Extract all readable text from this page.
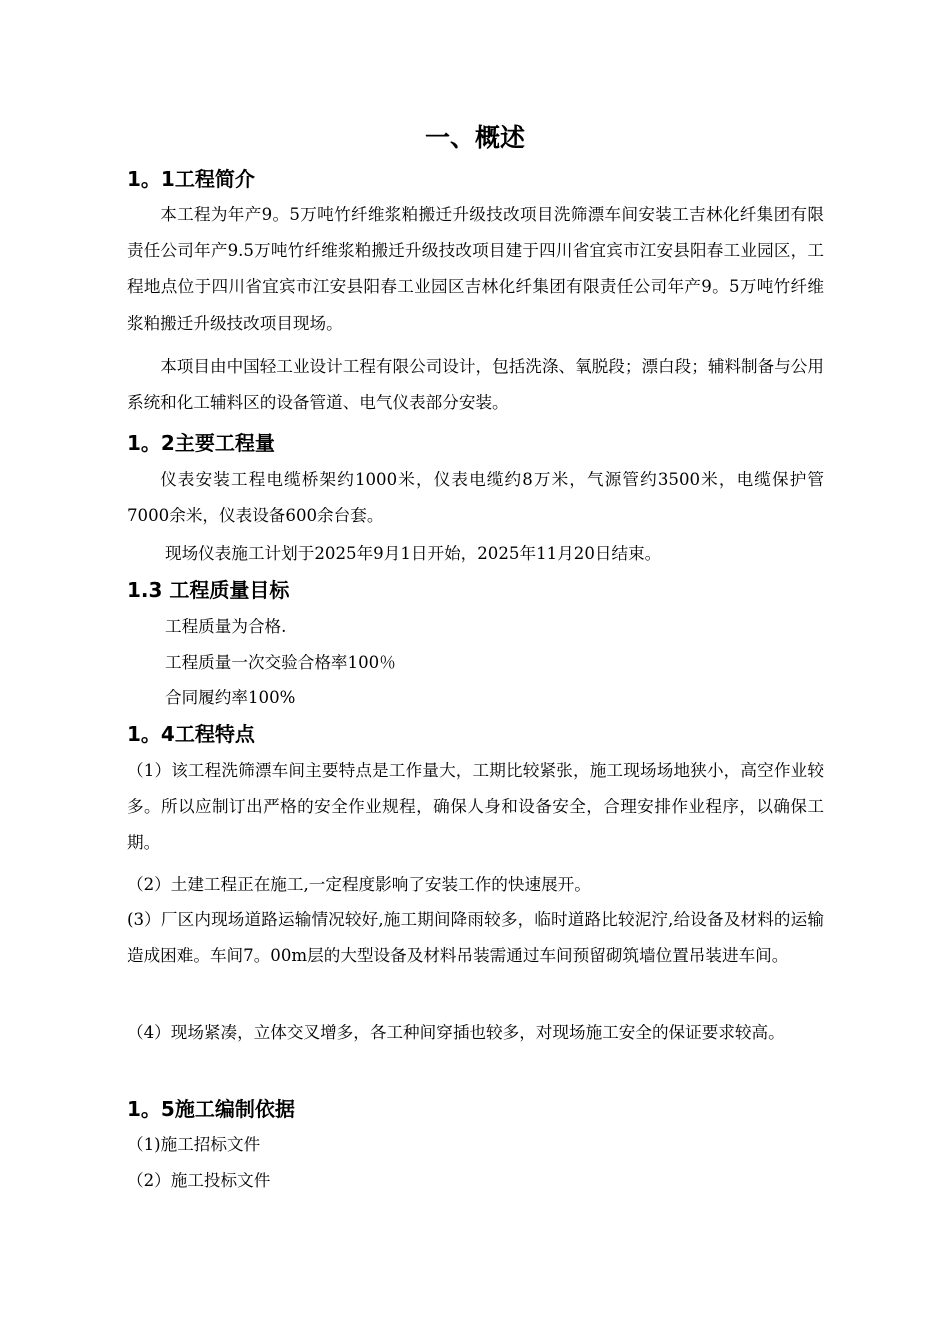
一、概述
1。1工程简介

本工程为年产9。5万吨竹纤维浆粕搬迁升级技改项目洗筛漂车间安装工吉林化纤集团有限责任公司年产9.5万吨竹纤维浆粕搬迁升级技改项目建于四川省宜宾市江安县阳春工业园区，工程地点位于四川省宜宾市江安县阳春工业园区吉林化纤集团有限责任公司年产9。5万吨竹纤维浆粕搬迁升级技改项目现场。

本项目由中国轻工业设计工程有限公司设计，包括洗涤、氧脱段；漂白段；辅料制备与公用系统和化工辅料区的设备管道、电气仪表部分安装。

1。2主要工程量

仪表安装工程电缆桥架约1000米，仪表电缆约8万米，气源管约3500米，电缆保护管7000余米，仪表设备600余台套。

现场仪表施工计划于2025年9月1日开始，2025年11月20日结束。

1.3 工程质量目标

工程质量为合格.

工程质量一次交验合格率100％

合同履约率100%

1。4工程特点

（1）该工程洗筛漂车间主要特点是工作量大，工期比较紧张，施工现场场地狭小，高空作业较多。所以应制订出严格的安全作业规程，确保人身和设备安全，合理安排作业程序，以确保工期。

（2）土建工程正在施工,一定程度影响了安装工作的快速展开。

(3）厂区内现场道路运输情况较好,施工期间降雨较多，临时道路比较泥泞,给设备及材料的运输造成困难。车间7。00m层的大型设备及材料吊装需通过车间预留砌筑墙位置吊装进车间。

（4）现场紧凑，立体交叉增多，各工种间穿插也较多，对现场施工安全的保证要求较高。

1。5施工编制依据

（1)施工招标文件

（2）施工投标文件
